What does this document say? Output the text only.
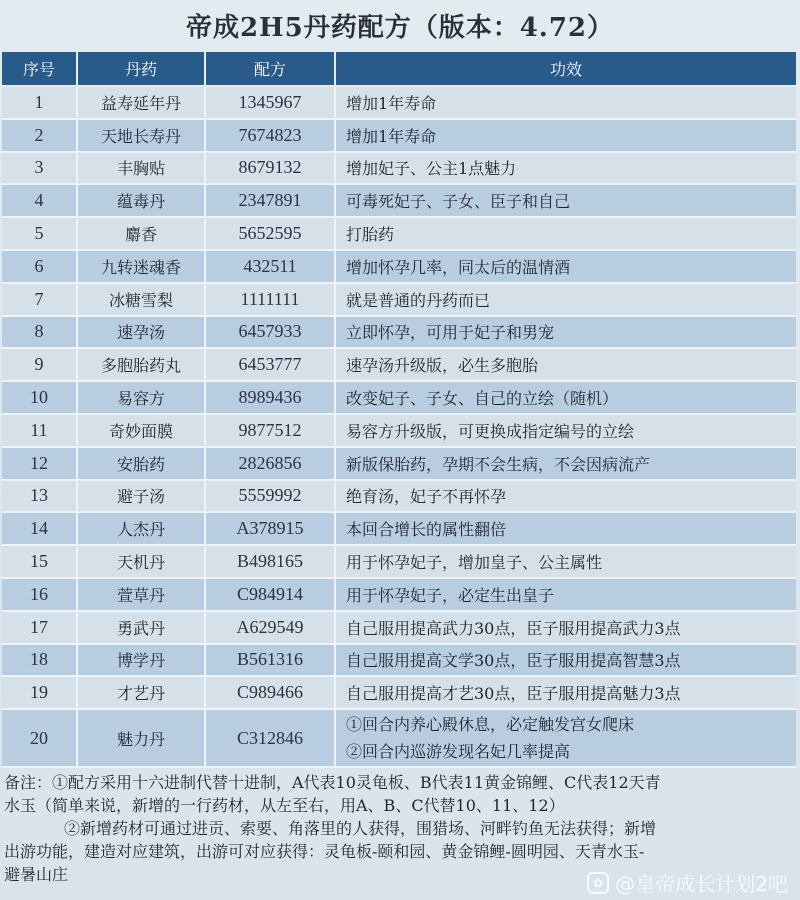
帝成2H5丹药配方（版本：4.72）
序号	丹药	配方	功效
1	益寿延年丹	1345967	增加1年寿命
2	天地长寿丹	7674823	增加1年寿命
3	丰胸贴	8679132	增加妃子、公主1点魅力
4	蕴毒丹	2347891	可毒死妃子、子女、臣子和自己
5	麝香	5652595	打胎药
6	九转迷魂香	432511	增加怀孕几率，同太后的温情酒
7	冰糖雪梨	1111111	就是普通的丹药而已
8	速孕汤	6457933	立即怀孕，可用于妃子和男宠
9	多胞胎药丸	6453777	速孕汤升级版，必生多胞胎
10	易容方	8989436	改变妃子、子女、自己的立绘（随机）
11	奇妙面膜	9877512	易容方升级版，可更换成指定编号的立绘
12	安胎药	2826856	新版保胎药，孕期不会生病，不会因病流产
13	避子汤	5559992	绝育汤，妃子不再怀孕
14	人杰丹	A378915	本回合增长的属性翻倍
15	天机丹	B498165	用于怀孕妃子，增加皇子、公主属性
16	萱草丹	C984914	用于怀孕妃子，必定生出皇子
17	勇武丹	A629549	自己服用提高武力30点，臣子服用提高武力3点
18	博学丹	B561316	自己服用提高文学30点，臣子服用提高智慧3点
19	才艺丹	C989466	自己服用提高才艺30点，臣子服用提高魅力3点
20	魅力丹	C312846	①回合内养心殿休息，必定触发宫女爬床
②回合内巡游发现名妃几率提高

备注：①配方采用十六进制代替十进制，A代表10灵龟板、B代表11黄金锦鲤、C代表12天青

水玉（简单来说，新增的一行药材，从左至右，用A、B、C代替10、11、12）

②新增药材可通过进贡、索要、角落里的人获得，围猎场、河畔钓鱼无法获得；新增

出游功能，建造对应建筑，出游可对应获得：灵龟板-颐和园、黄金锦鲤-圆明园、天青水玉-

避暑山庄	✿ @皇帝成长计划2吧
